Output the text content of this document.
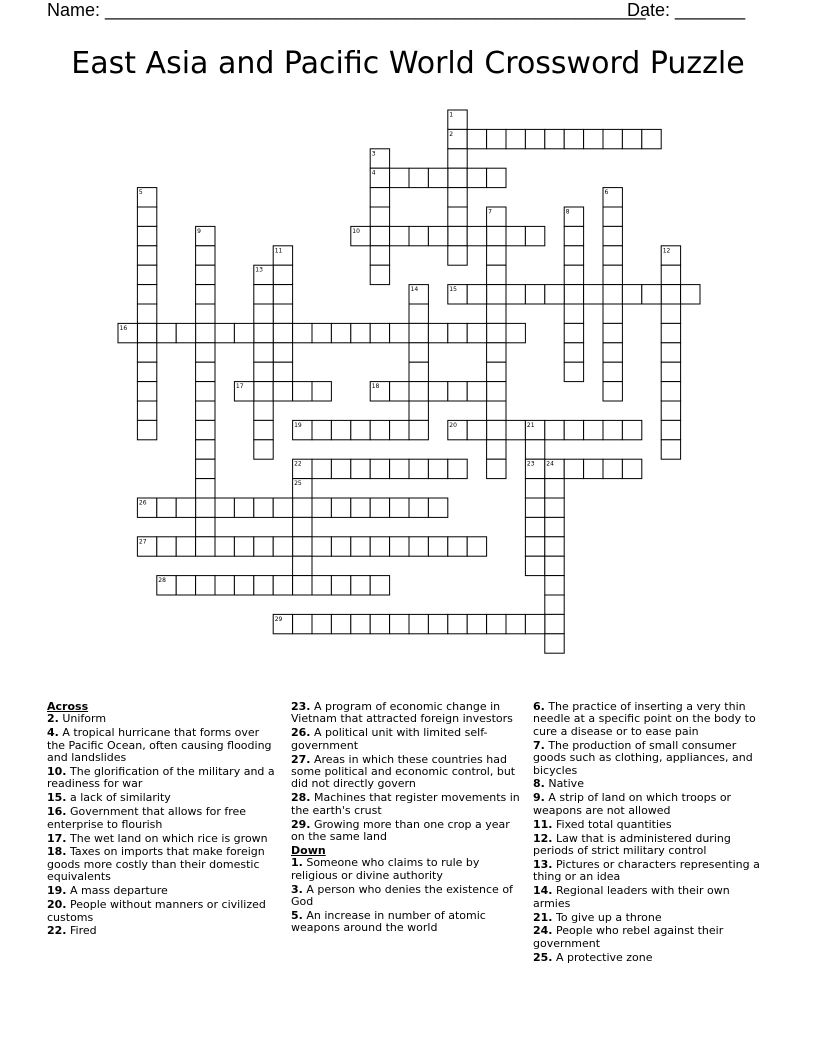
Name: ______________________________________________________
Date: _______
East Asia and Pacific World Crossword Puzzle
1
2
3
4
5	6
7	8
9	10
11	12
13
14	15
16
17	18
19	20	21
22	23 24
25
26
27
28
29
Across
2. Uniform
4. A tropical hurricane that forms over the Pacific Ocean, often causing flooding and landslides
10. The glorification of the military and a readiness for war
15. a lack of similarity
16. Government that allows for free enterprise to flourish
17. The wet land on which rice is grown
18. Taxes on imports that make foreign goods more costly than their domestic equivalents
19. A mass departure
20. People without manners or civilized customs
22. Fired
23. A program of economic change in Vietnam that attracted foreign investors
26. A political unit with limited self-government
27. Areas in which these countries had some political and economic control, but did not directly govern
28. Machines that register movements in the earth's crust
29. Growing more than one crop a year on the same land
Down
1. Someone who claims to rule by religious or divine authority
3. A person who denies the existence of God
5. An increase in number of atomic weapons around the world
6. The practice of inserting a very thin needle at a specific point on the body to cure a disease or to ease pain
7. The production of small consumer goods such as clothing, appliances, and bicycles
8. Native
9. A strip of land on which troops or weapons are not allowed
11. Fixed total quantities
12. Law that is administered during periods of strict military control
13. Pictures or characters representing a thing or an idea
14. Regional leaders with their own armies
21. To give up a throne
24. People who rebel against their government
25. A protective zone
